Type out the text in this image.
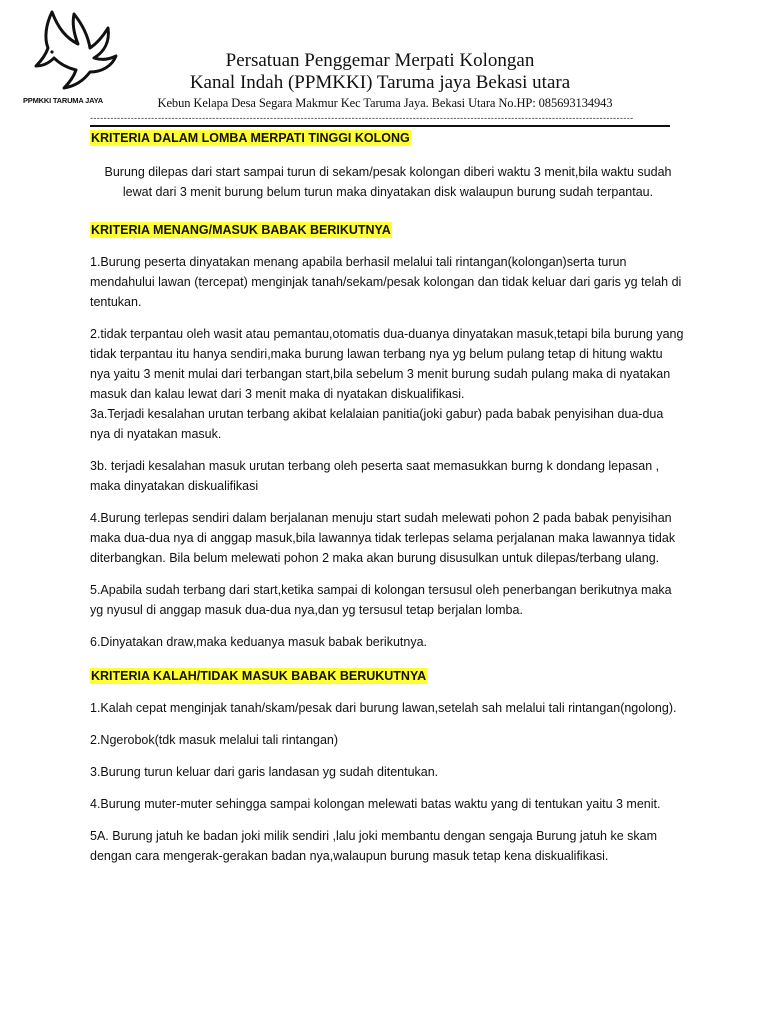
PPMKKI TARUMA JAYA
Persatuan Penggemar Merpati Kolongan
Kanal Indah (PPMKKI) Taruma jaya Bekasi utara
Kebun Kelapa Desa Segara Makmur Kec Taruma Jaya. Bekasi Utara No.HP: 085693134943
----------------------------------------------------------------------------------------------------------------------------------------------------------------
KRITERIA DALAM LOMBA MERPATI TINGGI KOLONG

Burung dilepas dari start sampai turun di sekam/pesak kolongan diberi waktu 3 menit,bila waktu sudah lewat dari 3 menit burung belum turun maka dinyatakan disk walaupun burung sudah terpantau.

KRITERIA MENANG/MASUK BABAK BERIKUTNYA

1.Burung peserta dinyatakan menang apabila berhasil melalui tali rintangan(kolongan)serta turun mendahului lawan (tercepat) menginjak tanah/sekam/pesak kolongan dan tidak keluar dari garis yg telah di tentukan.

2.tidak terpantau oleh wasit atau pemantau,otomatis dua-duanya dinyatakan masuk,tetapi bila burung yang tidak terpantau itu hanya sendiri,maka burung lawan terbang nya yg belum pulang tetap di hitung waktu nya yaitu 3 menit mulai dari terbangan start,bila sebelum 3 menit burung sudah pulang maka di nyatakan masuk dan kalau lewat dari 3 menit maka di nyatakan diskualifikasi.

3a.Terjadi kesalahan urutan terbang akibat kelalaian panitia(joki gabur) pada babak penyisihan dua-dua nya di nyatakan masuk.

3b. terjadi kesalahan masuk urutan terbang oleh peserta saat memasukkan burng k dondang lepasan , maka dinyatakan diskualifikasi

4.Burung terlepas sendiri dalam berjalanan menuju start sudah melewati pohon 2 pada babak penyisihan maka dua-dua nya di anggap masuk,bila lawannya tidak terlepas selama perjalanan maka lawannya tidak diterbangkan. Bila belum melewati pohon 2 maka akan burung disusulkan untuk dilepas/terbang ulang.

5.Apabila sudah terbang dari start,ketika sampai di kolongan tersusul oleh penerbangan berikutnya maka yg nyusul di anggap masuk dua-dua nya,dan yg tersusul tetap berjalan lomba.

6.Dinyatakan draw,maka keduanya masuk babak berikutnya.

KRITERIA KALAH/TIDAK MASUK BABAK BERUKUTNYA

1.Kalah cepat menginjak tanah/skam/pesak dari burung lawan,setelah sah melalui tali rintangan(ngolong).

2.Ngerobok(tdk masuk melalui tali rintangan)

3.Burung turun keluar dari garis landasan yg sudah ditentukan.

4.Burung muter-muter sehingga sampai kolongan melewati batas waktu yang di tentukan yaitu 3 menit.

5A. Burung jatuh ke badan joki milik sendiri ,lalu joki membantu dengan sengaja Burung jatuh ke skam dengan cara mengerak-gerakan badan nya,walaupun burung masuk tetap kena diskualifikasi.
